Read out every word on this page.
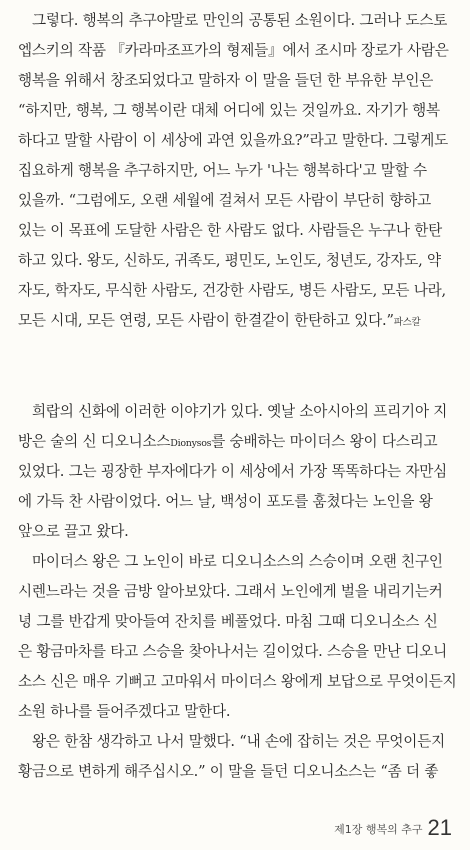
그렇다. 행복의 추구야말로 만인의 공통된 소원이다. 그러나 도스토
엡스키의 작품 『카라마조프가의 형제들』에서 조시마 장로가 사람은
행복을 위해서 창조되었다고 말하자 이 말을 들던 한 부유한 부인은
“하지만, 행복, 그 행복이란 대체 어디에 있는 것일까요. 자기가 행복
하다고 말할 사람이 이 세상에 과연 있을까요?”라고 말한다. 그렇게도
집요하게 행복을 추구하지만, 어느 누가 '나는 행복하다'고 말할 수
있을까. “그럼에도, 오랜 세월에 걸쳐서 모든 사람이 부단히 향하고
있는 이 목표에 도달한 사람은 한 사람도 없다. 사람들은 누구나 한탄
하고 있다. 왕도, 신하도, 귀족도, 평민도, 노인도, 청년도, 강자도, 약
자도, 학자도, 무식한 사람도, 건강한 사람도, 병든 사람도, 모든 나라,
모든 시대, 모든 연령, 모든 사람이 한결같이 한탄하고 있다.”파스칼
희랍의 신화에 이러한 이야기가 있다. 옛날 소아시아의 프리기아 지
방은 술의 신 디오니소스Dionysos를 숭배하는 마이더스 왕이 다스리고
있었다. 그는 굉장한 부자에다가 이 세상에서 가장 똑똑하다는 자만심
에 가득 찬 사람이었다. 어느 날, 백성이 포도를 훔쳤다는 노인을 왕
앞으로 끌고 왔다.
마이더스 왕은 그 노인이 바로 디오니소스의 스승이며 오랜 친구인
시렌느라는 것을 금방 알아보았다. 그래서 노인에게 벌을 내리기는커
녕 그를 반갑게 맞아들여 잔치를 베풀었다. 마침 그때 디오니소스 신
은 황금마차를 타고 스승을 찾아나서는 길이었다. 스승을 만난 디오니
소스 신은 매우 기뻐고 고마워서 마이더스 왕에게 보답으로 무엇이든지
소원 하나를 들어주겠다고 말한다.
왕은 한참 생각하고 나서 말했다. “내 손에 잡히는 것은 무엇이든지
황금으로 변하게 해주십시오.” 이 말을 들던 디오니소스는 “좀 더 좋
제1장 행복의 추구 21
